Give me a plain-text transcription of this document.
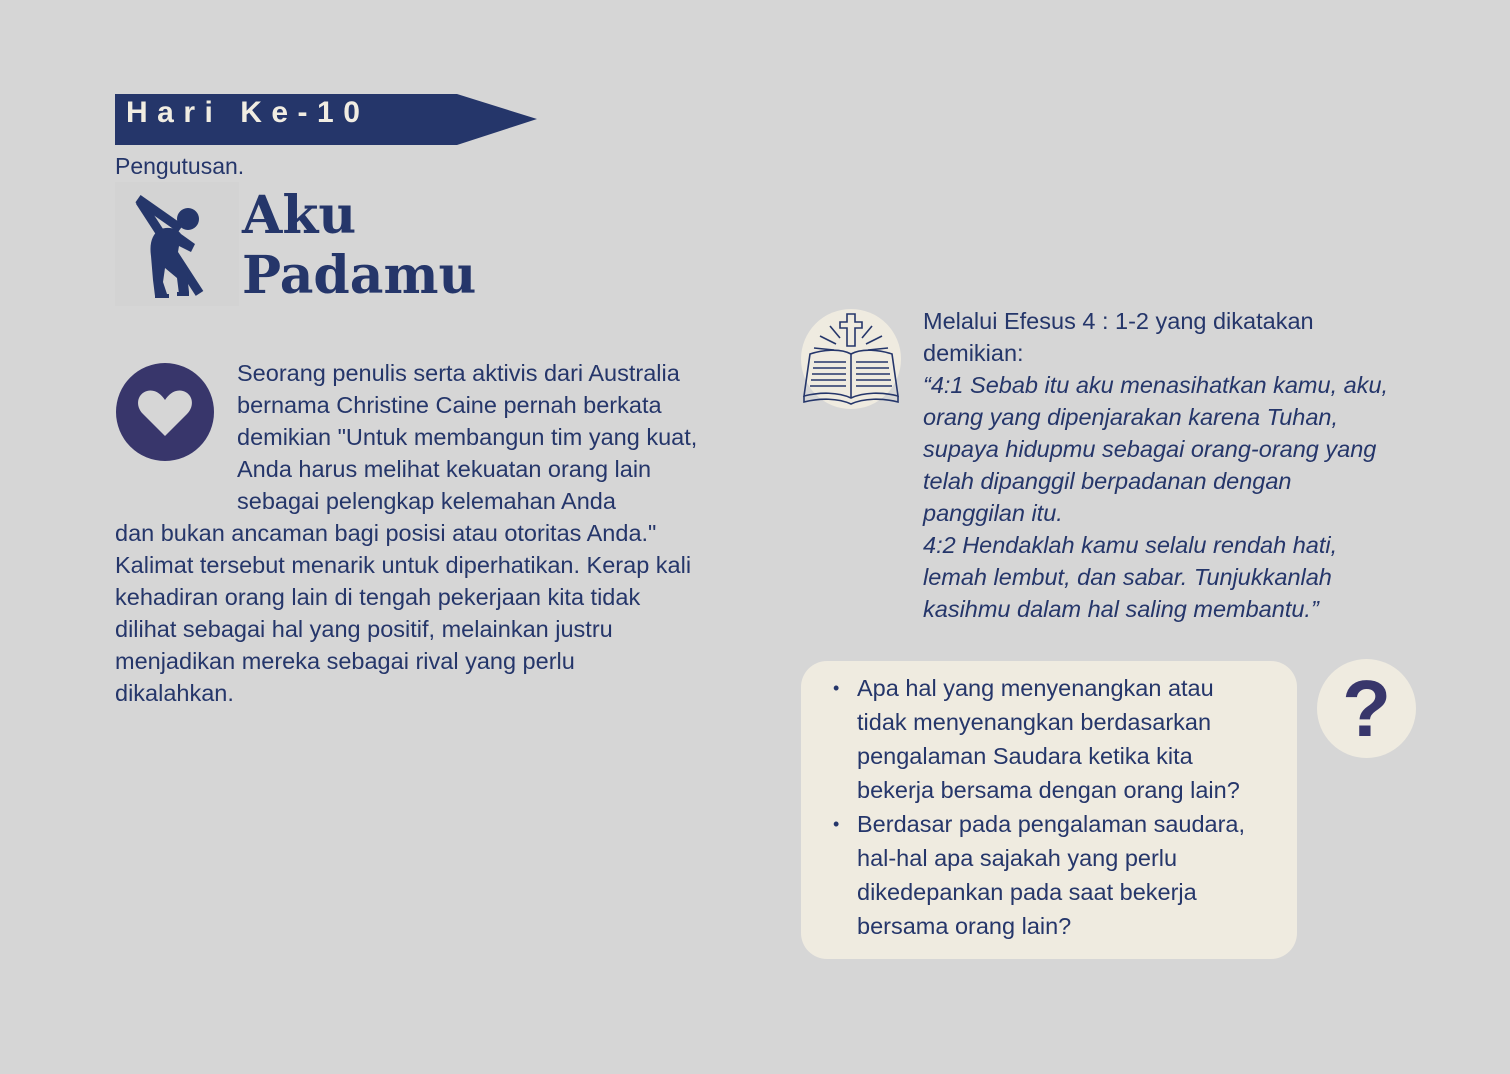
Hari Ke-10
Pengutusan.
Aku
Padamu
Seorang penulis serta aktivis dari Australia
bernama Christine Caine pernah berkata
demikian "Untuk membangun tim yang kuat,
Anda harus melihat kekuatan orang lain
sebagai pelengkap kelemahan Anda
dan bukan ancaman bagi posisi atau otoritas Anda."
Kalimat tersebut menarik untuk diperhatikan. Kerap kali
kehadiran orang lain di tengah pekerjaan kita tidak
dilihat sebagai hal yang positif, melainkan justru
menjadikan mereka sebagai rival yang perlu
dikalahkan.
Melalui Efesus 4 : 1-2 yang dikatakan
demikian:
“4:1 Sebab itu aku menasihatkan kamu, aku,
orang yang dipenjarakan karena Tuhan,
supaya hidupmu sebagai orang-orang yang
telah dipanggil berpadanan dengan
panggilan itu.
4:2 Hendaklah kamu selalu rendah hati,
lemah lembut, dan sabar. Tunjukkanlah
kasihmu dalam hal saling membantu.”
• Apa hal yang menyenangkan atau
tidak menyenangkan berdasarkan
pengalaman Saudara ketika kita
bekerja bersama dengan orang lain?
• Berdasar pada pengalaman saudara,
hal-hal apa sajakah yang perlu
dikedepankan pada saat bekerja
bersama orang lain?
?
